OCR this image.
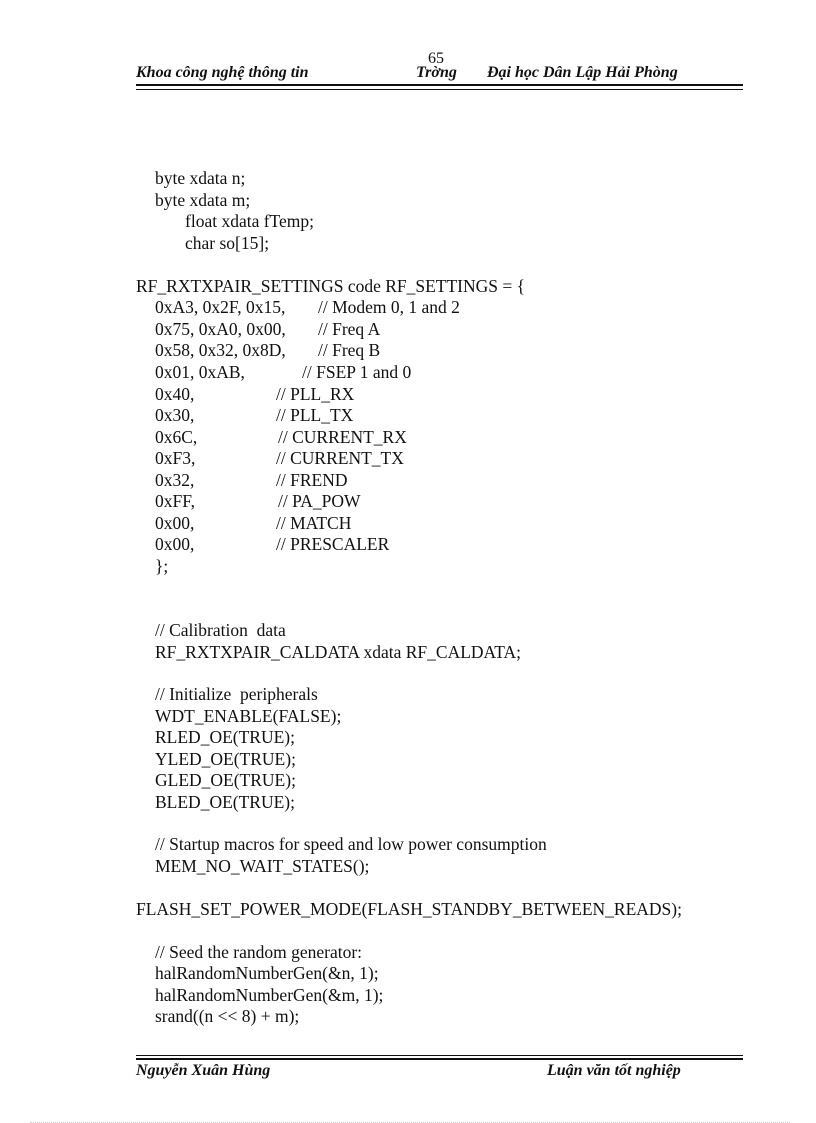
65
Khoa công nghệ thông tin	Trờng Đại học Dân Lập Hải Phòng
byte xdata n;
byte xdata m;
float xdata fTemp;
char so[15];
RF_RXTXPAIR_SETTINGS code RF_SETTINGS = {
0xA3, 0x2F, 0x15, // Modem 0, 1 and 2
0x75, 0xA0, 0x00, // Freq A
0x58, 0x32, 0x8D, // Freq B
0x01, 0xAB,	// FSEP 1 and 0
0x40,	// PLL_RX
0x30,	// PLL_TX
0x6C,	// CURRENT_RX
0xF3,	// CURRENT_TX
0x32,	// FREND
0xFF,	// PA_POW
0x00,	// MATCH
0x00,	// PRESCALER
};
// Calibration  data
RF_RXTXPAIR_CALDATA xdata RF_CALDATA;
// Initialize  peripherals
WDT_ENABLE(FALSE);
RLED_OE(TRUE);
YLED_OE(TRUE);
GLED_OE(TRUE);
BLED_OE(TRUE);
// Startup macros for speed and low power consumption
MEM_NO_WAIT_STATES();
FLASH_SET_POWER_MODE(FLASH_STANDBY_BETWEEN_READS);
// Seed the random generator:
halRandomNumberGen(&n, 1);
halRandomNumberGen(&m, 1);
srand((n << 8) + m);
Nguyễn Xuân Hùng	Luận văn tốt nghiệp
